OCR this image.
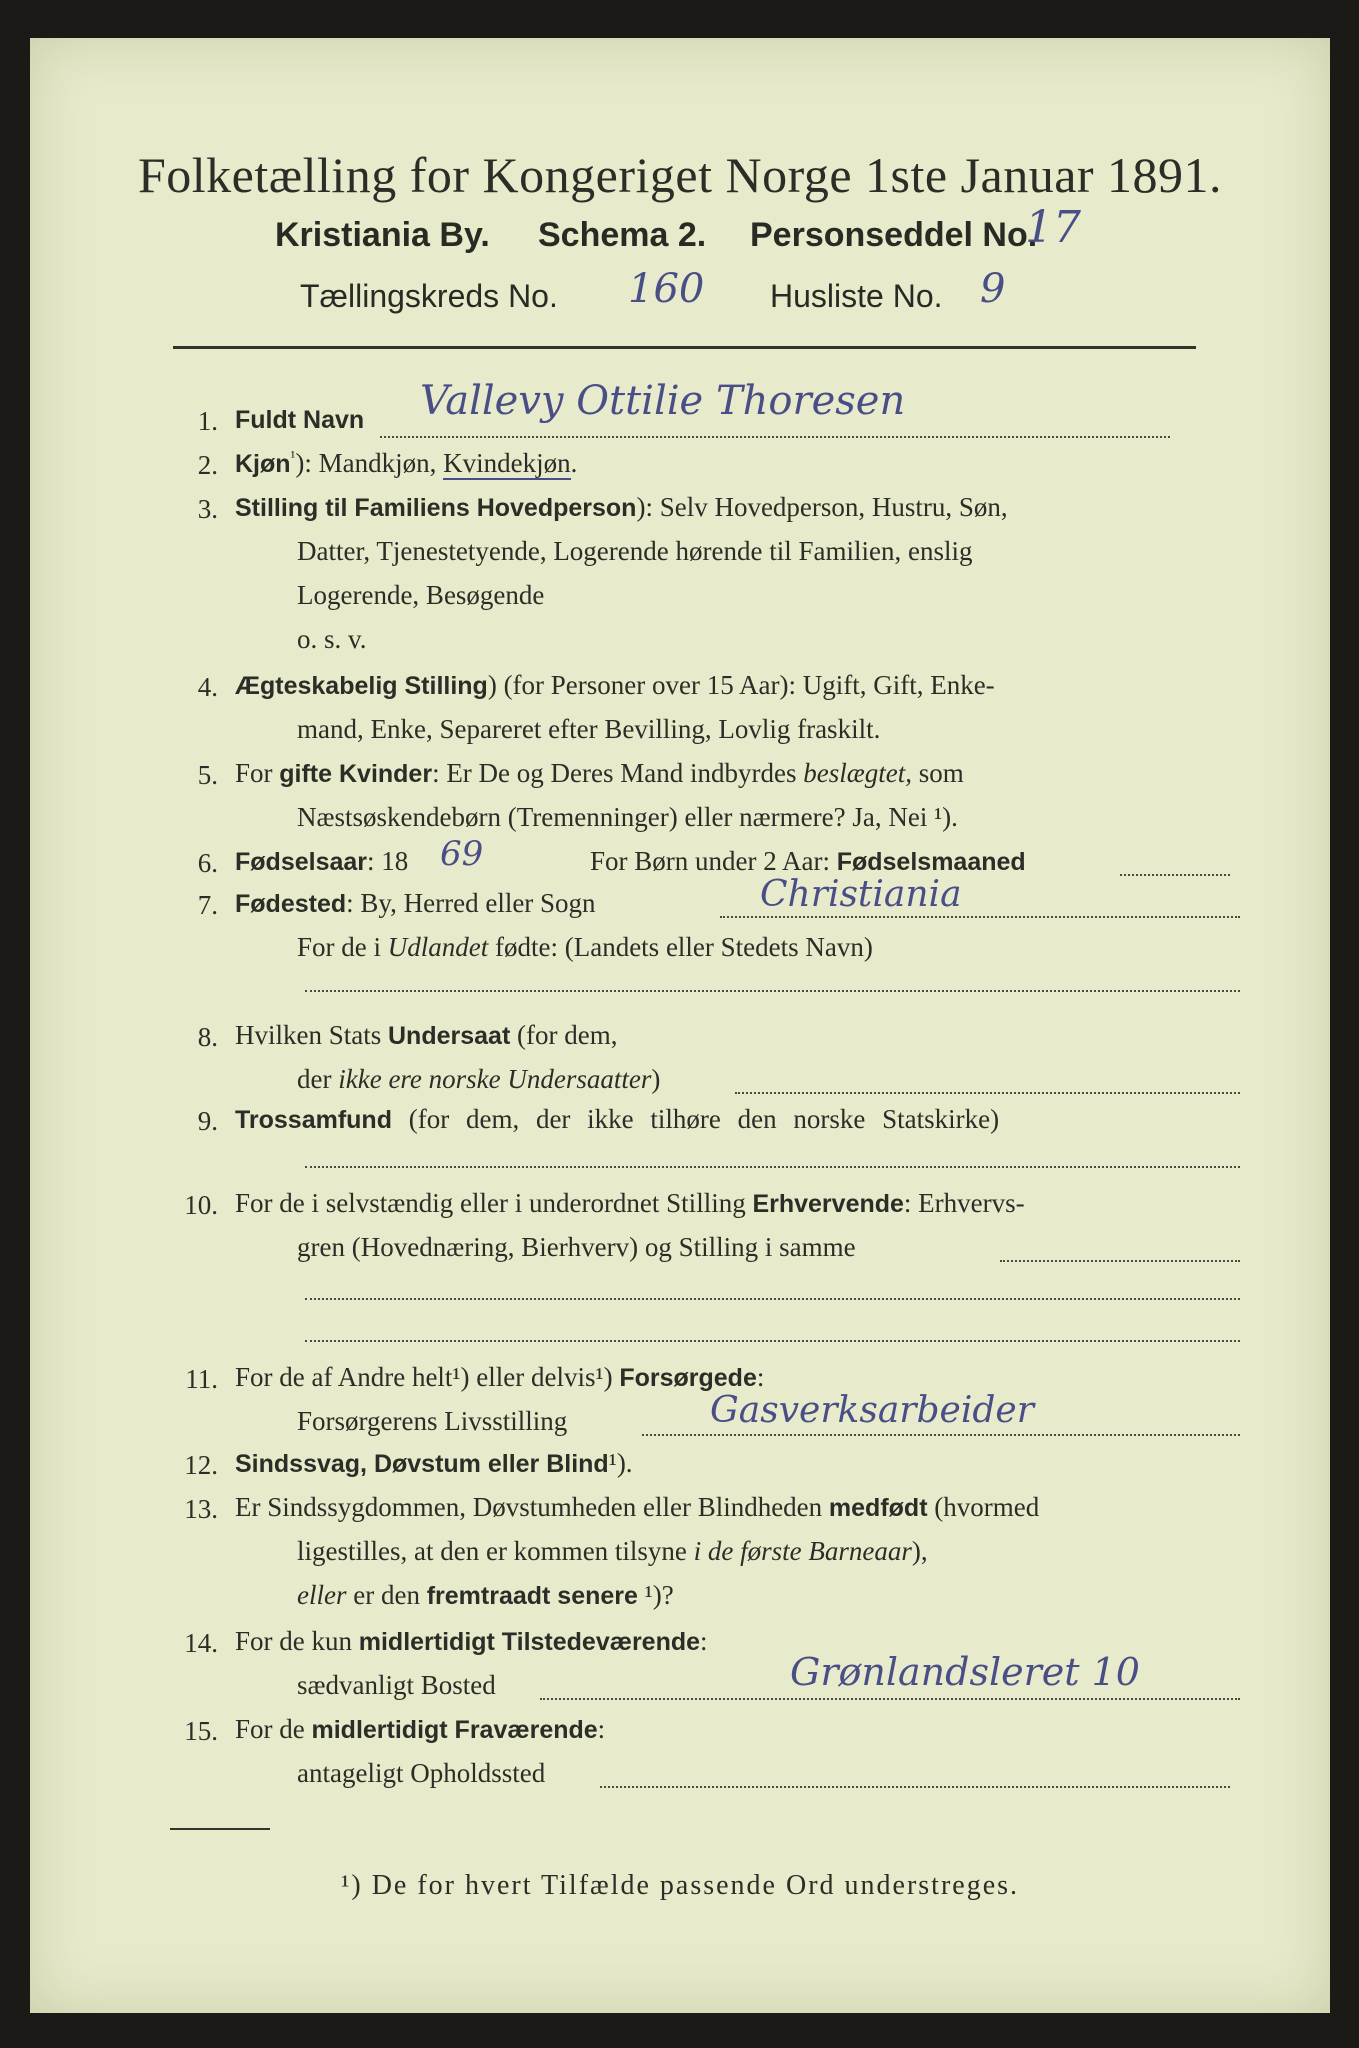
Folketælling for Kongeriget Norge 1ste Januar 1891.
Kristiania By. Schema 2. Personseddel No.
17
Tællingskreds No. 160 Husliste No. 9
1. Fuldt Navn Vallevy Ottilie Thoresen
2. Kjøn$^{^1}$): Mandkjøn, Kvindekjøn.
3. Stilling til Familiens Hovedperson): Selv Hovedperson, Hustru, Søn,
Datter, Tjenestetyende, Logerende hørende til Familien, enslig
Logerende, Besøgende
o. s. v.
4. Ægteskabelig Stilling) (for Personer over 15 Aar): Ugift, Gift, Enke-
mand, Enke, Separeret efter Bevilling, Lovlig fraskilt.
5. For gifte Kvinder: Er De og Deres Mand indbyrdes beslægtet, som
Næstsøskendebørn (Tremenninger) eller nærmere? Ja, Nei ¹).
6. Fødselsaar: 18 69	For Børn under 2 Aar: Fødselsmaaned
7. Fødested: By, Herred eller Sogn	Christiania
For de i Udlandet fødte: (Landets eller Stedets Navn)
8. Hvilken Stats Undersaat (for dem,
der ikke ere norske Undersaatter)
9. Trossamfund (for dem, der ikke tilhøre den norske Statskirke)
10. For de i selvstændig eller i underordnet Stilling Erhvervende: Erhvervs-
gren (Hovednæring, Bierhverv) og Stilling i samme
11. For de af Andre helt¹) eller delvis¹) Forsørgede:
Forsørgerens Livsstilling	Gasverksarbeider
12. Sindssvag, Døvstum eller Blind¹).
13. Er Sindssygdommen, Døvstumheden eller Blindheden medfødt (hvormed
ligestilles, at den er kommen tilsyne i de første Barneaar),
eller er den fremtraadt senere ¹)?
14. For de kun midlertidigt Tilstedeværende:
sædvanligt Bosted	Grønlandsleret 10
15. For de midlertidigt Fraværende:
antageligt Opholdssted
¹) De for hvert Tilfælde passende Ord understreges.
